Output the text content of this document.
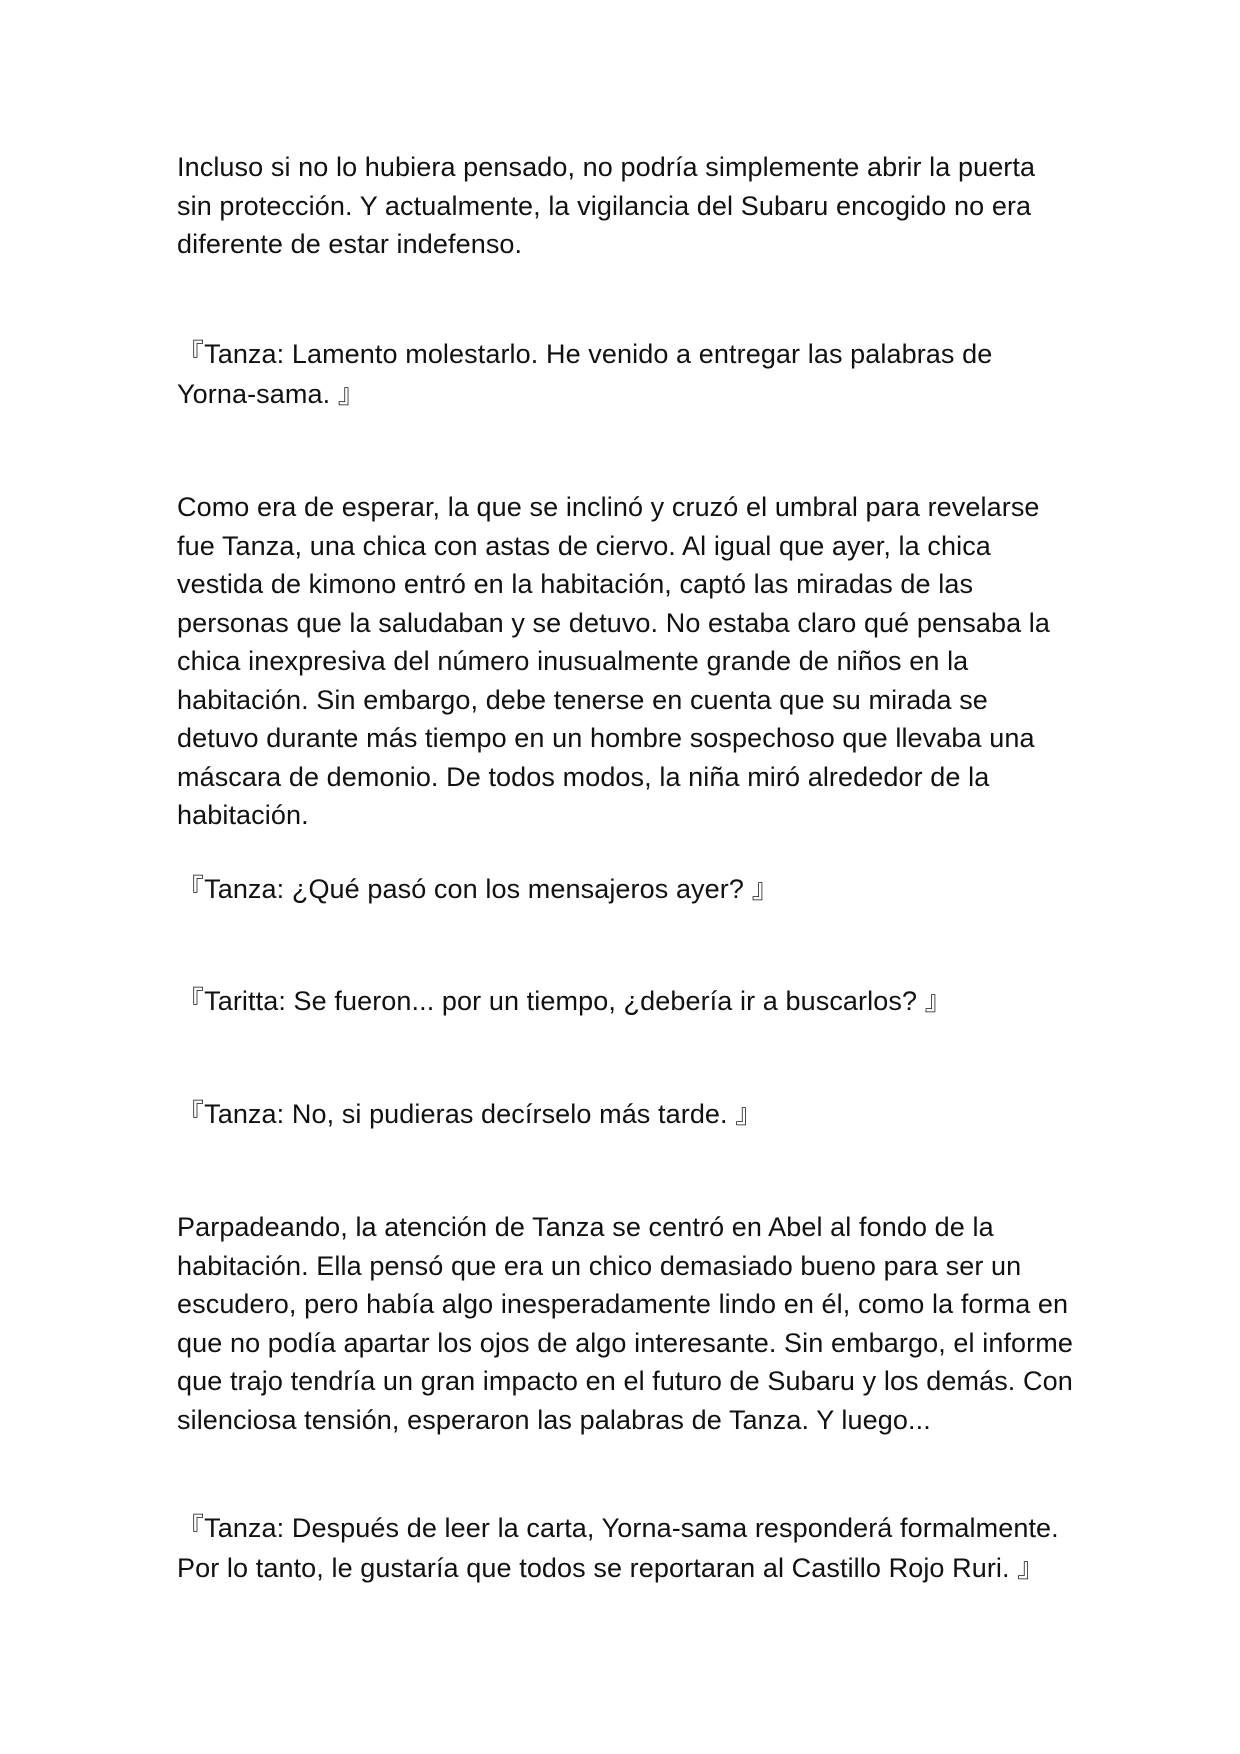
Incluso si no lo hubiera pensado, no podría simplemente abrir la puerta sin protección. Y actualmente, la vigilancia del Subaru encogido no era diferente de estar indefenso.

『Tanza: Lamento molestarlo. He venido a entregar las palabras de Yorna-sama. 』

Como era de esperar, la que se inclinó y cruzó el umbral para revelarse fue Tanza, una chica con astas de ciervo. Al igual que ayer, la chica vestida de kimono entró en la habitación, captó las miradas de las personas que la saludaban y se detuvo. No estaba claro qué pensaba la chica inexpresiva del número inusualmente grande de niños en la habitación. Sin embargo, debe tenerse en cuenta que su mirada se detuvo durante más tiempo en un hombre sospechoso que llevaba una máscara de demonio. De todos modos, la niña miró alrededor de la habitación.

『Tanza: ¿Qué pasó con los mensajeros ayer? 』

『Taritta: Se fueron... por un tiempo, ¿debería ir a buscarlos? 』

『Tanza: No, si pudieras decírselo más tarde. 』

Parpadeando, la atención de Tanza se centró en Abel al fondo de la habitación. Ella pensó que era un chico demasiado bueno para ser un escudero, pero había algo inesperadamente lindo en él, como la forma en que no podía apartar los ojos de algo interesante. Sin embargo, el informe que trajo tendría un gran impacto en el futuro de Subaru y los demás. Con silenciosa tensión, esperaron las palabras de Tanza. Y luego...

『Tanza: Después de leer la carta, Yorna-sama responderá formalmente. Por lo tanto, le gustaría que todos se reportaran al Castillo Rojo Ruri. 』
